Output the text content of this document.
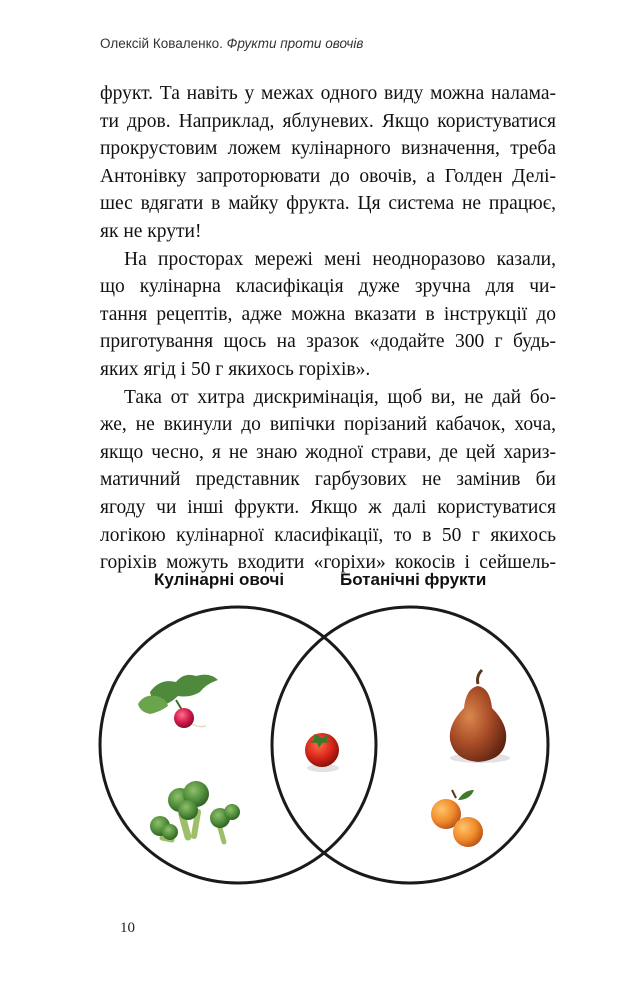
Олексій Коваленко. Фрукти проти овочів
фрукт. Та навіть у межах одного виду можна налама-
ти дров. Наприклад, яблуневих. Якщо користуватися
прокрустовим ложем кулінарного визначення, треба
Антонівку запроторювати до овочів, а Голден Делі-
шес вдягати в майку фрукта. Ця система не працює,
як не крути!
На просторах мережі мені неодноразово казали,
що кулінарна класифікація дуже зручна для чи-
тання рецептів, адже можна вказати в інструкції до
приготування щось на зразок «додайте 300 г будь-
яких ягід і 50 г якихось горіхів».
Така от хитра дискримінація, щоб ви, не дай бо-
же, не вкинули до випічки порізаний кабачок, хоча,
якщо чесно, я не знаю жодної страви, де цей хариз-
матичний представник гарбузових не замінив би
ягоду чи інші фрукти. Якщо ж далі користуватися
логікою кулінарної класифікації, то в 50 г якихось
горіхів можуть входити «горіхи» кокосів і сейшель-
Кулінарні овочі	Ботанічні фрукти
10
